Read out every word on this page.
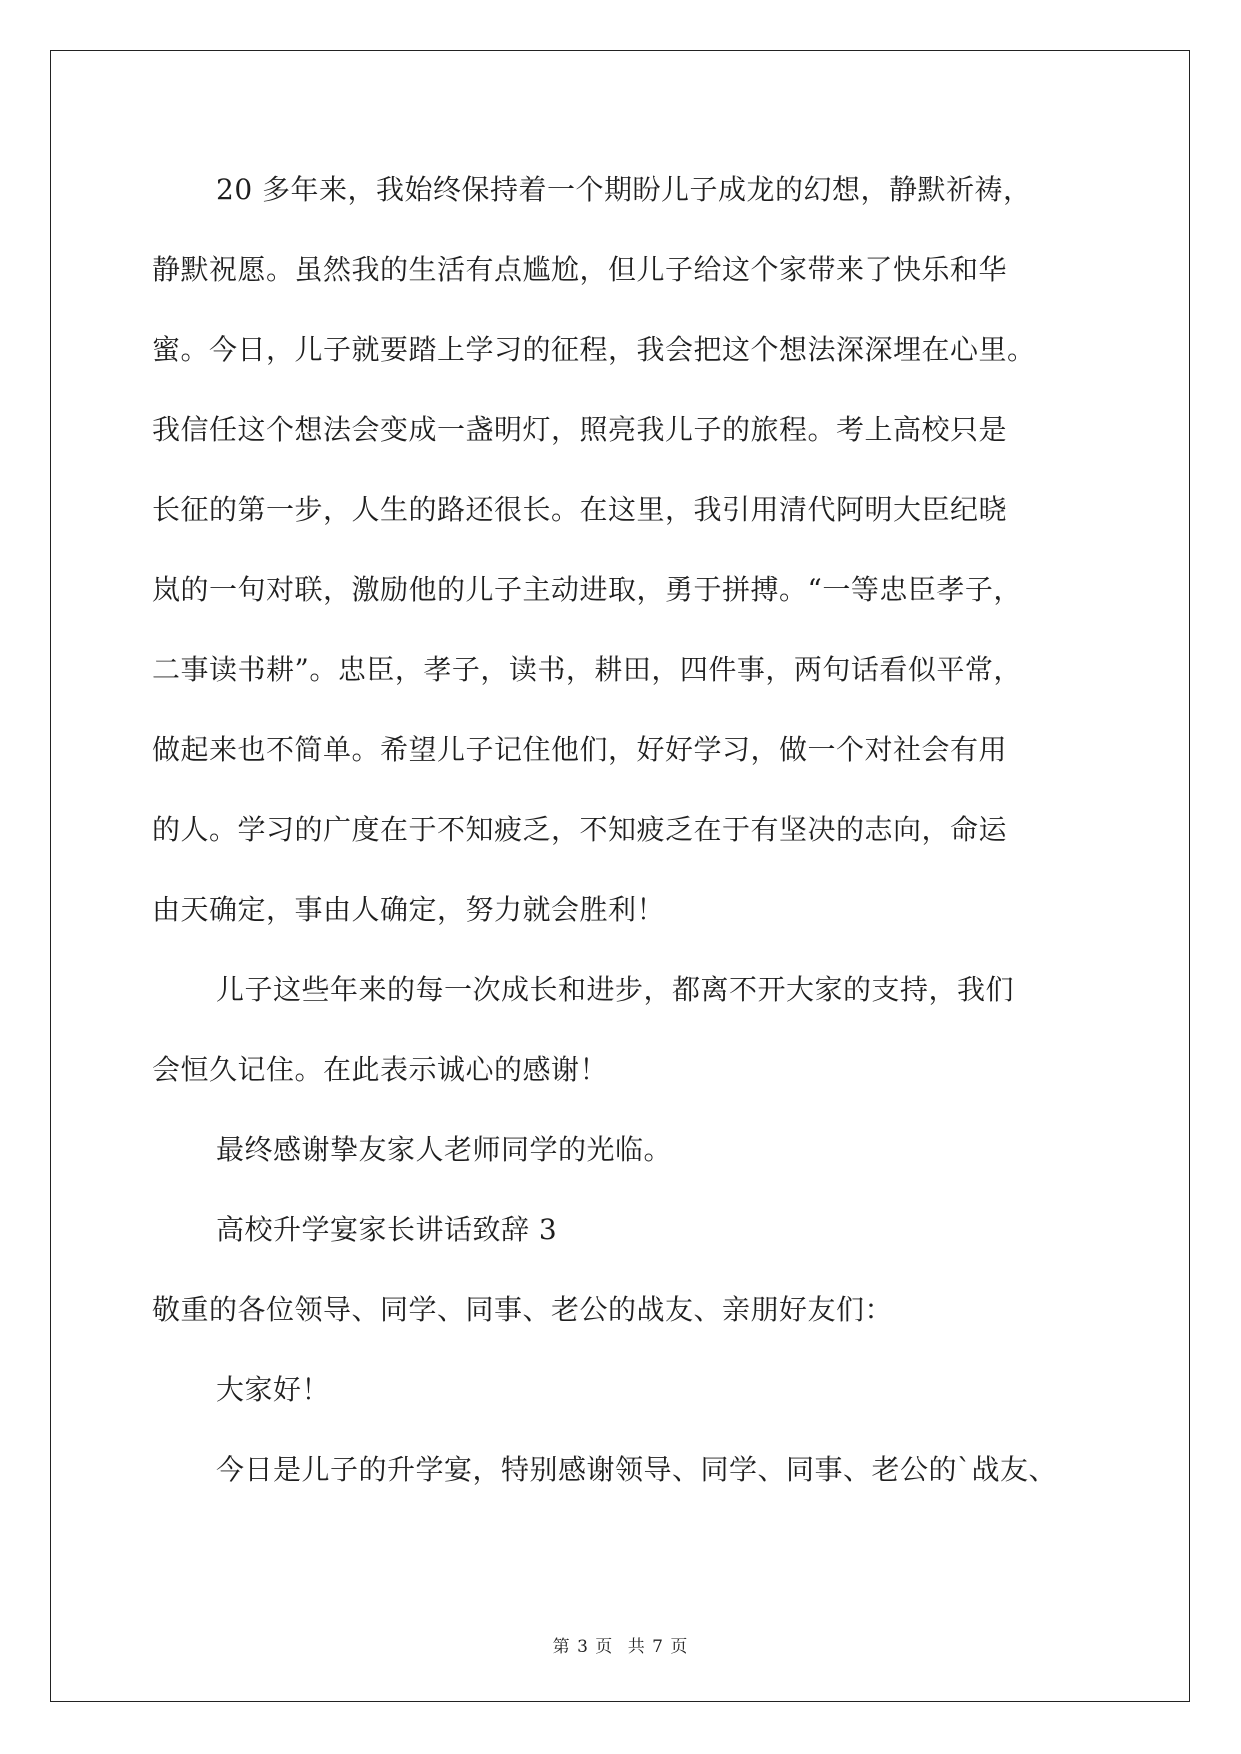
20 多年来，我始终保持着一个期盼儿子成龙的幻想，静默祈祷，
静默祝愿。虽然我的生活有点尴尬，但儿子给这个家带来了快乐和华
蜜。今日，儿子就要踏上学习的征程，我会把这个想法深深埋在心里。
我信任这个想法会变成一盏明灯，照亮我儿子的旅程。考上高校只是
长征的第一步，人生的路还很长。在这里，我引用清代阿明大臣纪晓
岚的一句对联，激励他的儿子主动进取，勇于拼搏。“一等忠臣孝子，
二事读书耕”。忠臣，孝子，读书，耕田，四件事，两句话看似平常，
做起来也不简单。希望儿子记住他们，好好学习，做一个对社会有用
的人。学习的广度在于不知疲乏，不知疲乏在于有坚决的志向，命运
由天确定，事由人确定，努力就会胜利！
儿子这些年来的每一次成长和进步，都离不开大家的支持，我们
会恒久记住。在此表示诚心的感谢！
最终感谢挚友家人老师同学的光临。
高校升学宴家长讲话致辞 3
敬重的各位领导、同学、同事、老公的战友、亲朋好友们：
大家好！
今日是儿子的升学宴，特别感谢领导、同学、同事、老公的`战友、
第 3 页 共 7 页
